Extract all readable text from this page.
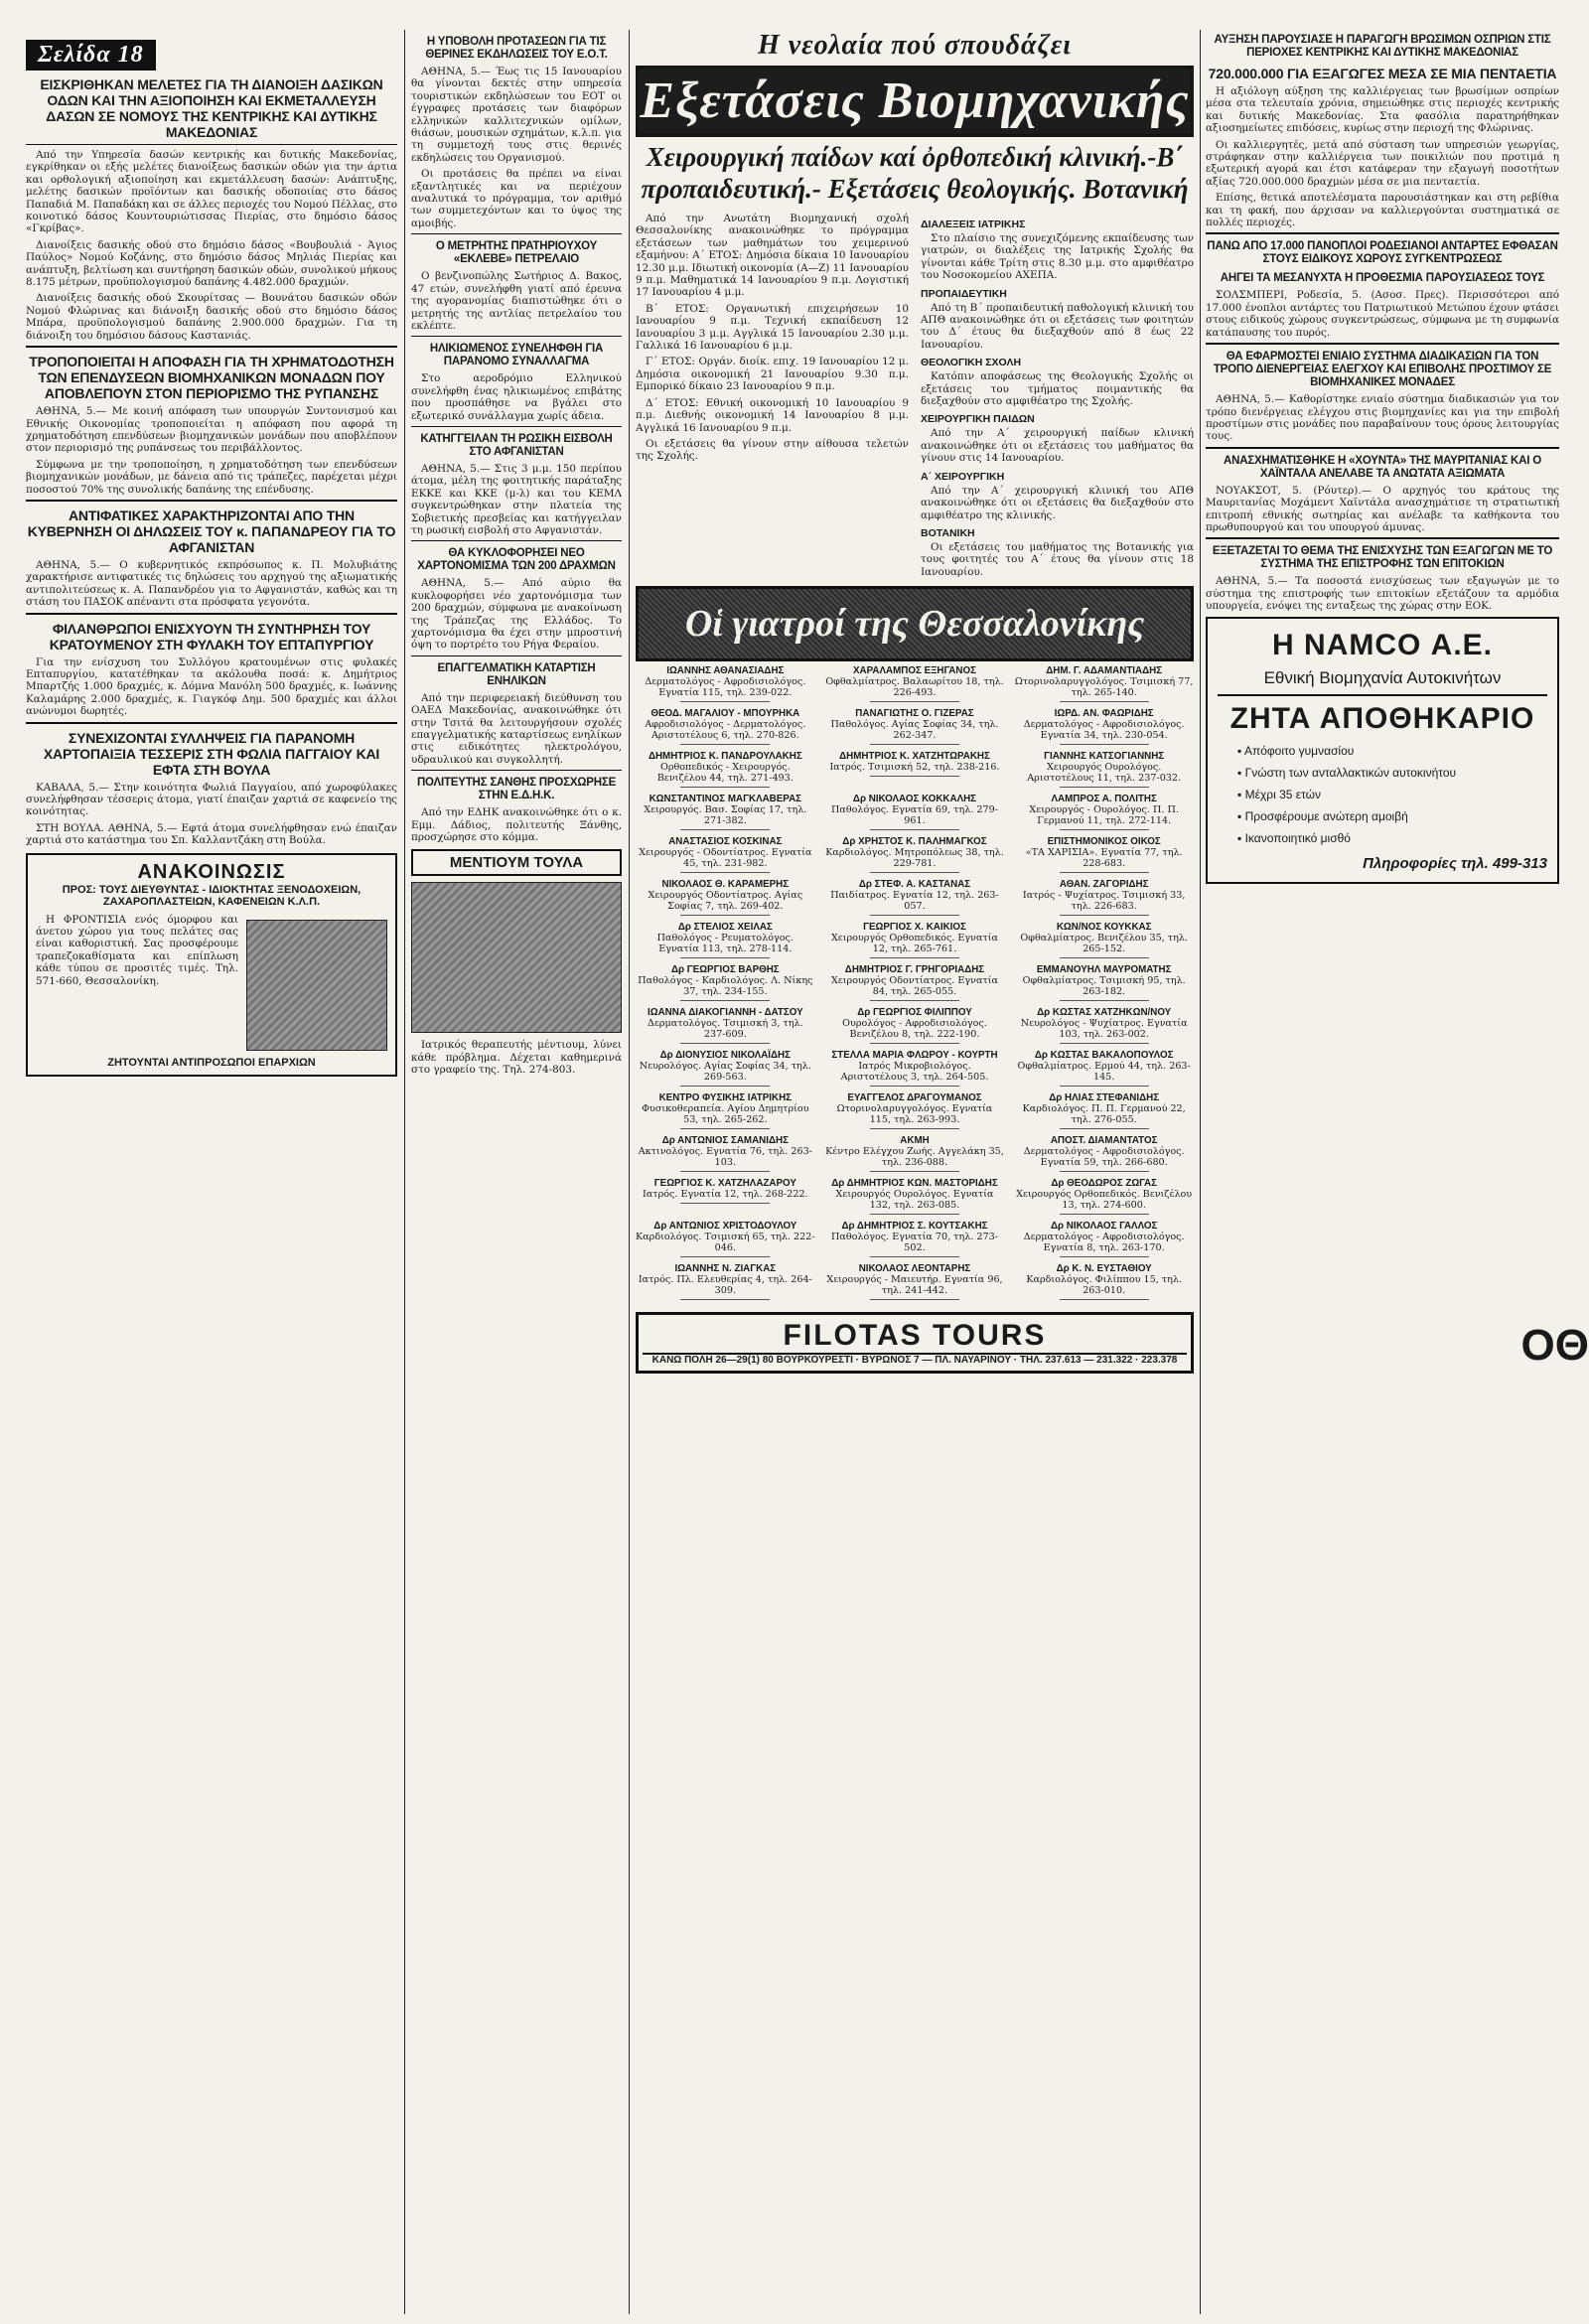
Σελίδα 18
ΕΙΣΚΡΙΘΗΚΑΝ ΜΕΛΕΤΕΣ ΓΙΑ ΤΗ ΔΙΑΝΟΙΞΗ ΔΑΣΙΚΩΝ ΟΔΩΝ ΚΑΙ ΤΗΝ ΑΞΙΟΠΟΙΗΣΗ ΚΑΙ ΕΚΜΕΤΑΛΛΕΥΣΗ ΔΑΣΩΝ ΣΕ ΝΟΜΟΥΣ ΤΗΣ ΚΕΝΤΡΙΚΗΣ ΚΑΙ ΔΥΤΙΚΗΣ ΜΑΚΕΔΟΝΙΑΣ

Από την Υπηρεσία δασών κεντρικής και δυτικής Μακεδονίας, εγκρίθηκαν οι εξής μελέτες διανοίξεως δασικών οδών για την άρτια και ορθολογική αξιοποίηση και εκμετάλλευση δασών: Ανάπτυξης, μελέτης δασικών προϊόντων και δασικής οδοποιίας στο δάσος Παπαδιά Μ. Παπαδάκη και σε άλλες περιοχές του Νομού Πέλλας, στο κοινοτικό δάσος Κουντουριώτισσας Πιερίας, στο δημόσιο δάσος «Γκρίβας».

Διανοίξεις δασικής οδού στο δημόσιο δάσος «Βουβουλιά - Άγιος Παύλος» Νομού Κοζάνης, στο δημόσιο δάσος Μηλιάς Πιερίας και ανάπτυξη, βελτίωση και συντήρηση δασικών οδών, συνολικού μήκους 8.175 μέτρων, προϋπολογισμού δαπάνης 4.482.000 δραχμών.

Διανοίξεις δασικής οδού Σκουρίτσας — Βουνάτου δασικών οδών Νομού Φλώρινας και διάνοιξη δασικής οδού στο δημόσιο δάσος Μπάρα, προϋπολογισμού δαπάνης 2.900.000 δραχμών. Για τη διάνοιξη του δημόσιου δάσους Καστανιάς.

ΤΡΟΠΟΠΟΙΕΙΤΑΙ Η ΑΠΟΦΑΣΗ ΓΙΑ ΤΗ ΧΡΗΜΑΤΟΔΟΤΗΣΗ ΤΩΝ ΕΠΕΝΔΥΣΕΩΝ ΒΙΟΜΗΧΑΝΙΚΩΝ ΜΟΝΑΔΩΝ ΠΟΥ ΑΠΟΒΛΕΠΟΥΝ ΣΤΟΝ ΠΕΡΙΟΡΙΣΜΟ ΤΗΣ ΡΥΠΑΝΣΗΣ

ΑΘΗΝΑ, 5.— Με κοινή απόφαση των υπουργών Συντονισμού και Εθνικής Οικονομίας τροποποιείται η απόφαση που αφορά τη χρηματοδότηση επενδύσεων βιομηχανικών μονάδων που αποβλέπουν στον περιορισμό της ρυπάνσεως του περιβάλλοντος.

Σύμφωνα με την τροποποίηση, η χρηματοδότηση των επενδύσεων βιομηχανικών μονάδων, με δάνεια από τις τράπεζες, παρέχεται μέχρι ποσοστού 70% της συνολικής δαπάνης της επένδυσης.

ΑΝΤΙΦΑΤΙΚΕΣ ΧΑΡΑΚΤΗΡΙΖΟΝΤΑΙ ΑΠΟ ΤΗΝ ΚΥΒΕΡΝΗΣΗ ΟΙ ΔΗΛΩΣΕΙΣ ΤΟΥ κ. ΠΑΠΑΝΔΡΕΟΥ ΓΙΑ ΤΟ ΑΦΓΑΝΙΣΤΑΝ

ΑΘΗΝΑ, 5.— Ο κυβερνητικός εκπρόσωπος κ. Π. Μολυβιάτης χαρακτήρισε αντιφατικές τις δηλώσεις του αρχηγού της αξιωματικής αντιπολιτεύσεως κ. Α. Παπανδρέου για το Αφγανιστάν, καθώς και τη στάση του ΠΑΣΟΚ απέναντι στα πρόσφατα γεγονότα.

ΦΙΛΑΝΘΡΩΠΟΙ ΕΝΙΣΧΥΟΥΝ ΤΗ ΣΥΝΤΗΡΗΣΗ ΤΟΥ ΚΡΑΤΟΥΜΕΝΟΥ ΣΤΗ ΦΥΛΑΚΗ ΤΟΥ ΕΠΤΑΠΥΡΓΙΟΥ

Για την ενίσχυση του Συλλόγου κρατουμένων στις φυλακές Επταπυργίου, κατατέθηκαν τα ακόλουθα ποσά: κ. Δημήτριος Μπαρτζής 1.000 δραχμές, κ. Δόμνα Μανόλη 500 δραχμές, κ. Ιωάννης Καλαμάρης 2.000 δραχμές, κ. Γιαγκόφ Δημ. 500 δραχμές και άλλοι ανώνυμοι δωρητές.

ΣΥΝΕΧΙΖΟΝΤΑΙ ΣΥΛΛΗΨΕΙΣ ΓΙΑ ΠΑΡΑΝΟΜΗ ΧΑΡΤΟΠΑΙΞΙΑ ΤΕΣΣΕΡΙΣ ΣΤΗ ΦΩΛΙΑ ΠΑΓΓΑΙΟΥ ΚΑΙ ΕΦΤΑ ΣΤΗ ΒΟΥΛΑ

ΚΑΒΑΛΑ, 5.— Στην κοινότητα Φωλιά Παγγαίου, από χωροφύλακες συνελήφθησαν τέσσερις άτομα, γιατί έπαιζαν χαρτιά σε καφενείο της κοινότητας.

ΣΤΗ ΒΟΥΛΑ. ΑΘΗΝΑ, 5.— Εφτά άτομα συνελήφθησαν ενώ έπαιζαν χαρτιά στο κατάστημα του Σπ. Καλλαντζάκη στη Βούλα.

ΑΝΑΚΟΙΝΩΣΙΣ
ΠΡΟΣ: ΤΟΥΣ ΔΙΕΥΘΥΝΤΑΣ - ΙΔΙΟΚΤΗΤΑΣ ΞΕΝΟΔΟΧΕΙΩΝ, ΖΑΧΑΡΟΠΛΑΣΤΕΙΩΝ, ΚΑΦΕΝΕΙΩΝ Κ.Λ.Π.

Η ΦΡΟΝΤΙΣΙΑ ενός όμορφου και άνετου χώρου για τους πελάτες σας είναι καθοριστική. Σας προσφέρουμε τραπεζοκαθίσματα και επίπλωση κάθε τύπου σε προσιτές τιμές. Τηλ. 571-660, Θεσσαλονίκη.

ΖΗΤΟΥΝΤΑΙ ΑΝΤΙΠΡΟΣΩΠΟΙ ΕΠΑΡΧΙΩΝ
Η ΥΠΟΒΟΛΗ ΠΡΟΤΑΣΕΩΝ ΓΙΑ ΤΙΣ ΘΕΡΙΝΕΣ ΕΚΔΗΛΩΣΕΙΣ ΤΟΥ Ε.Ο.Τ.

ΑΘΗΝΑ, 5.— Έως τις 15 Ιανουαρίου θα γίνονται δεκτές στην υπηρεσία τουριστικών εκδηλώσεων του ΕΟΤ οι έγγραφες προτάσεις των διαφόρων ελληνικών καλλιτεχνικών ομίλων, θιάσων, μουσικών σχημάτων, κ.λ.π. για τη συμμετοχή τους στις θερινές εκδηλώσεις του Οργανισμού.

Οι προτάσεις θα πρέπει να είναι εξαντλητικές και να περιέχουν αναλυτικά το πρόγραμμα, τον αριθμό των συμμετεχόντων και το ύψος της αμοιβής.

Ο ΜΕΤΡΗΤΗΣ ΠΡΑΤΗΡΙΟΥΧΟΥ «ΕΚΛΕΒΕ» ΠΕΤΡΕΛΑΙΟ

Ο βενζινοπώλης Σωτήριος Δ. Βακος, 47 ετών, συνελήφθη γιατί από έρευνα της αγορανομίας διαπιστώθηκε ότι ο μετρητής της αντλίας πετρελαίου του εκλέπτε.

ΗΛΙΚΙΩΜΕΝΟΣ ΣΥΝΕΛΗΦΘΗ ΓΙΑ ΠΑΡΑΝΟΜΟ ΣΥΝΑΛΛΑΓΜΑ

Στο αεροδρόμιο Ελληνικού συνελήφθη ένας ηλικιωμένος επιβάτης που προσπάθησε να βγάλει στο εξωτερικό συνάλλαγμα χωρίς άδεια.

ΚΑΤΗΓΓΕΙΛΑΝ ΤΗ ΡΩΣΙΚΗ ΕΙΣΒΟΛΗ ΣΤΟ ΑΦΓΑΝΙΣΤΑΝ

ΑΘΗΝΑ, 5.— Στις 3 μ.μ. 150 περίπου άτομα, μέλη της φοιτητικής παράταξης ΕΚΚΕ και ΚΚΕ (μ-λ) και του ΚΕΜΛ συγκεντρώθηκαν στην πλατεία της Σοβιετικής πρεσβείας και κατήγγειλαν τη ρωσική εισβολή στο Αφγανιστάν.

ΘΑ ΚΥΚΛΟΦΟΡΗΣΕΙ ΝΕΟ ΧΑΡΤΟΝΟΜΙΣΜΑ ΤΩΝ 200 ΔΡΑΧΜΩΝ

ΑΘΗΝΑ, 5.— Από αύριο θα κυκλοφορήσει νέο χαρτονόμισμα των 200 δραχμών, σύμφωνα με ανακοίνωση της Τράπεζας της Ελλάδος. Το χαρτονόμισμα θα έχει στην μπροστινή όψη το πορτρέτο του Ρήγα Φεραίου.

ΕΠΑΓΓΕΛΜΑΤΙΚΗ ΚΑΤΑΡΤΙΣΗ ΕΝΗΛΙΚΩΝ

Από την περιφερειακή διεύθυνση του ΟΑΕΔ Μακεδονίας, ανακοινώθηκε ότι στην Τσιτά θα λειτουργήσουν σχολές επαγγελματικής καταρτίσεως ενηλίκων στις ειδικότητες ηλεκτρολόγου, υδραυλικού και συγκολλητή.

ΠΟΛΙΤΕΥΤΗΣ ΣΑΝΘΗΣ ΠΡΟΣΧΩΡΗΣΕ ΣΤΗΝ Ε.Δ.Η.Κ.

Από την ΕΔΗΚ ανακοινώθηκε ότι ο κ. Εμμ. Δάδιος, πολιτευτής Ξάνθης, προσχώρησε στο κόμμα.

ΜΕΝΤΙΟΥΜ ΤΟΥΛΑ

Ιατρικός θεραπευτής μέντιουμ, λύνει κάθε πρόβλημα. Δέχεται καθημερινά στο γραφείο της. Τηλ. 274-803.

Η νεολαία πού σπουδάζει
Εξετάσεις Βιομηχανικής
Χειρουργική παίδων καί ὀρθοπεδική κλινική.-Β΄ προπαιδευτική.- Εξετάσεις θεολογικής. Βοτανική

Από την Ανωτάτη Βιομηχανική σχολή Θεσσαλονίκης ανακοινώθηκε το πρόγραμμα εξετάσεων των μαθημάτων του χειμερινού εξαμήνου: Α΄ ΕΤΟΣ: Δημόσια δίκαια 10 Ιανουαρίου 12.30 μ.μ. Ιδιωτική οικονομία (Α—Ζ) 11 Ιανουαρίου 9 π.μ. Μαθηματικά 14 Ιανουαρίου 9 π.μ. Λογιστική 17 Ιανουαρίου 4 μ.μ.

Β΄ ΕΤΟΣ: Οργανωτική επιχειρήσεων 10 Ιανουαρίου 9 π.μ. Τεχνική εκπαίδευση 12 Ιανουαρίου 3 μ.μ. Αγγλικά 15 Ιανουαρίου 2.30 μ.μ. Γαλλικά 16 Ιανουαρίου 6 μ.μ.

Γ΄ ΕΤΟΣ: Οργάν. διοίκ. επιχ. 19 Ιανουαρίου 12 μ. Δημόσια οικονομική 21 Ιανουαρίου 9.30 π.μ. Εμπορικό δίκαιο 23 Ιανουαρίου 9 π.μ.

Δ΄ ΕΤΟΣ: Εθνική οικονομική 10 Ιανουαρίου 9 π.μ. Διεθνής οικονομική 14 Ιανουαρίου 8 μ.μ. Αγγλικά 16 Ιανουαρίου 9 π.μ.

Οι εξετάσεις θα γίνουν στην αίθουσα τελετών της Σχολής.

ΔΙΑΛΕΞΕΙΣ ΙΑΤΡΙΚΗΣ

Στο πλαίσιο της συνεχιζόμενης εκπαίδευσης των γιατρών, οι διαλέξεις της Ιατρικής Σχολής θα γίνονται κάθε Τρίτη στις 8.30 μ.μ. στο αμφιθέατρο του Νοσοκομείου ΑΧΕΠΑ.

ΠΡΟΠΑΙΔΕΥΤΙΚΗ

Από τη Β΄ προπαιδευτική παθολογική κλινική του ΑΠΘ ανακοινώθηκε ότι οι εξετάσεις των φοιτητών του Δ΄ έτους θα διεξαχθούν από 8 έως 22 Ιανουαρίου.

ΘΕΟΛΟΓΙΚΗ ΣΧΟΛΗ

Κατόπιν αποφάσεως της Θεολογικής Σχολής οι εξετάσεις του τμήματος ποιμαντικής θα διεξαχθούν στο αμφιθέατρο της Σχολής.

ΧΕΙΡΟΥΡΓΙΚΗ ΠΑΙΔΩΝ

Από την Α΄ χειρουργική παίδων κλινική ανακοινώθηκε ότι οι εξετάσεις του μαθήματος θα γίνουν στις 14 Ιανουαρίου.

Α΄ ΧΕΙΡΟΥΡΓΙΚΗ

Από την Α΄ χειρουργική κλινική του ΑΠΘ ανακοινώθηκε ότι οι εξετάσεις θα διεξαχθούν στο αμφιθέατρο της κλινικής.

ΒΟΤΑΝΙΚΗ

Οι εξετάσεις του μαθήματος της Βοτανικής για τους φοιτητές του Α΄ έτους θα γίνουν στις 18 Ιανουαρίου.

Οἱ γιατροί της Θεσσαλονίκης
ΙΩΑΝΝΗΣ ΑΘΑΝΑΣΙΑΔΗΣ
Δερματολόγος - Αφροδισιολόγος. Εγνατία 115, τηλ. 239-022.
ΧΑΡΑΛΑΜΠΟΣ ΕΞΗΓΑΝΟΣ
Οφθαλμίατρος. Βαλαωρίτου 18, τηλ. 226-493.
ΔΗΜ. Γ. ΑΔΑΜΑΝΤΙΑΔΗΣ
Ωτορινολαρυγγολόγος. Τσιμισκή 77, τηλ. 265-140.
ΘΕΟΔ. ΜΑΓΑΛΙΟΥ - ΜΠΟΥΡΗΚΑ
Αφροδισιολόγος - Δερματολόγος. Αριστοτέλους 6, τηλ. 270-826.
ΠΑΝΑΓΙΩΤΗΣ Ο. ΓΙΖΕΡΑΣ
Παθολόγος. Αγίας Σοφίας 34, τηλ. 262-347.
ΙΩΡΔ. ΑΝ. ΦΑΩΡΙΔΗΣ
Δερματολόγος - Αφροδισιολόγος. Εγνατία 34, τηλ. 230-054.
ΔΗΜΗΤΡΙΟΣ Κ. ΠΑΝΔΡΟΥΛΑΚΗΣ
Ορθοπεδικός - Χειρουργός. Βενιζέλου 44, τηλ. 271-493.
ΔΗΜΗΤΡΙΟΣ Κ. ΧΑΤΖΗΤΩΡΑΚΗΣ
Ιατρός. Τσιμισκή 52, τηλ. 238-216.
ΓΙΑΝΝΗΣ ΚΑΤΣΟΓΙΑΝΝΗΣ
Χειρουργός Ουρολόγος. Αριστοτέλους 11, τηλ. 237-032.
ΚΩΝΣΤΑΝΤΙΝΟΣ ΜΑΓΚΛΑΒΕΡΑΣ
Χειρουργός. Βασ. Σοφίας 17, τηλ. 271-382.
Δρ ΝΙΚΟΛΑΟΣ ΚΟΚΚΑΛΗΣ
Παθολόγος. Εγνατία 69, τηλ. 279-961.
ΛΑΜΠΡΟΣ Α. ΠΟΛΙΤΗΣ
Χειρουργός - Ουρολόγος. Π. Π. Γερμανού 11, τηλ. 272-114.
ΑΝΑΣΤΑΣΙΟΣ ΚΟΣΚΙΝΑΣ
Χειρουργός - Οδοντίατρος. Εγνατία 45, τηλ. 231-982.
Δρ ΧΡΗΣΤΟΣ Κ. ΠΑΛΗΜΑΓΚΟΣ
Καρδιολόγος. Μητροπόλεως 38, τηλ. 229-781.
ΕΠΙΣΤΗΜΟΝΙΚΟΣ ΟΙΚΟΣ
«ΤΑ ΧΑΡΙΣΙΑ». Εγνατία 77, τηλ. 228-683.
ΝΙΚΟΛΑΟΣ Θ. ΚΑΡΑΜΕΡΗΣ
Χειρουργός Οδοντίατρος. Αγίας Σοφίας 7, τηλ. 269-402.
Δρ ΣΤΕΦ. Α. ΚΑΣΤΑΝΑΣ
Παιδίατρος. Εγνατία 12, τηλ. 263-057.
ΑΘΑΝ. ΖΑΓΟΡΙΔΗΣ
Ιατρός - Ψυχίατρος. Τσιμισκή 33, τηλ. 226-683.
Δρ ΣΤΕΛΙΟΣ ΧΕΙΛΑΣ
Παθολόγος - Ρευματολόγος. Εγνατία 113, τηλ. 278-114.
ΓΕΩΡΓΙΟΣ Χ. ΚΑΙΚΙΟΣ
Χειρουργός Ορθοπεδικός. Εγνατία 12, τηλ. 265-761.
ΚΩΝ/ΝΟΣ ΚΟΥΚΚΑΣ
Οφθαλμίατρος. Βενιζέλου 35, τηλ. 265-152.
Δρ ΓΕΩΡΓΙΟΣ ΒΑΡΘΗΣ
Παθολόγος - Καρδιολόγος. Λ. Νίκης 37, τηλ. 234-155.
ΔΗΜΗΤΡΙΟΣ Γ. ΓΡΗΓΟΡΙΑΔΗΣ
Χειρουργός Οδοντίατρος. Εγνατία 84, τηλ. 265-055.
ΕΜΜΑΝΟΥΗΛ ΜΑΥΡΟΜΑΤΗΣ
Οφθαλμίατρος. Τσιμισκή 95, τηλ. 263-182.
ΙΩΑΝΝΑ ΔΙΑΚΟΓΙΑΝΝΗ - ΔΑΤΣΟΥ
Δερματολόγος. Τσιμισκή 3, τηλ. 237-609.
Δρ ΓΕΩΡΓΙΟΣ ΦΙΛΙΠΠΟΥ
Ουρολόγος - Αφροδισιολόγος. Βενιζέλου 8, τηλ. 222-190.
Δρ ΚΩΣΤΑΣ ΧΑΤΖΗΚΩΝ/ΝΟΥ
Νευρολόγος - Ψυχίατρος. Εγνατία 103, τηλ. 263-002.
Δρ ΔΙΟΝΥΣΙΟΣ ΝΙΚΟΛΑΪΔΗΣ
Νευρολόγος. Αγίας Σοφίας 34, τηλ. 269-563.
ΣΤΕΛΛΑ ΜΑΡΙΑ ΦΛΩΡΟΥ - ΚΟΥΡΤΗ
Ιατρός Μικροβιολόγος. Αριστοτέλους 3, τηλ. 264-505.
Δρ ΚΩΣΤΑΣ ΒΑΚΑΛΟΠΟΥΛΟΣ
Οφθαλμίατρος. Ερμού 44, τηλ. 263-145.
ΚΕΝΤΡΟ ΦΥΣΙΚΗΣ ΙΑΤΡΙΚΗΣ
Φυσικοθεραπεία. Αγίου Δημητρίου 53, τηλ. 265-262.
ΕΥΑΓΓΕΛΟΣ ΔΡΑΓΟΥΜΑΝΟΣ
Ωτορινολαρυγγολόγος. Εγνατία 115, τηλ. 263-993.
Δρ ΗΛΙΑΣ ΣΤΕΦΑΝΙΔΗΣ
Καρδιολόγος. Π. Π. Γερμανού 22, τηλ. 276-055.
Δρ ΑΝΤΩΝΙΟΣ ΣΑΜΑΝΙΔΗΣ
Ακτινολόγος. Εγνατία 76, τηλ. 263-103.
ΑΚΜΗ
Κέντρο Ελέγχου Ζωής. Αγγελάκη 35, τηλ. 236-088.
ΑΠΟΣΤ. ΔΙΑΜΑΝΤΑΤΟΣ
Δερματολόγος - Αφροδισιολόγος. Εγνατία 59, τηλ. 266-680.
ΓΕΩΡΓΙΟΣ Κ. ΧΑΤΖΗΛΑΖΑΡΟΥ
Ιατρός. Εγνατία 12, τηλ. 268-222.
Δρ ΔΗΜΗΤΡΙΟΣ ΚΩΝ. ΜΑΣΤΟΡΙΔΗΣ
Χειρουργός Ουρολόγος. Εγνατία 132, τηλ. 263-085.
Δρ ΘΕΟΔΩΡΟΣ ΖΩΓΑΣ
Χειρουργός Ορθοπεδικός. Βενιζέλου 13, τηλ. 274-600.
Δρ ΑΝΤΩΝΙΟΣ ΧΡΙΣΤΟΔΟΥΛΟΥ
Καρδιολόγος. Τσιμισκή 65, τηλ. 222-046.
Δρ ΔΗΜΗΤΡΙΟΣ Σ. ΚΟΥΤΣΑΚΗΣ
Παθολόγος. Εγνατία 70, τηλ. 273-502.
Δρ ΝΙΚΟΛΑΟΣ ΓΑΛΛΟΣ
Δερματολόγος - Αφροδισιολόγος. Εγνατία 8, τηλ. 263-170.
ΙΩΑΝΝΗΣ Ν. ΖΙΑΓΚΑΣ
Ιατρός. Πλ. Ελευθερίας 4, τηλ. 264-309.
ΝΙΚΟΛΑΟΣ ΛΕΟΝΤΑΡΗΣ
Χειρουργός - Μαιευτήρ. Εγνατία 96, τηλ. 241-442.
Δρ Κ. Ν. ΕΥΣΤΑΘΙΟΥ
Καρδιολόγος. Φιλίππου 15, τηλ. 263-010.
FILOTAS TOURS
ΚΑΝΩ ΠΟΛΗ 26—29(1) 80 ΒΟΥΡΚΟΥΡΕΣΤΙ · ΒΥΡΩΝΟΣ 7 — ΠΛ. ΝΑΥΑΡΙΝΟΥ · ΤΗΛ. 237.613 — 231.322 · 223.378
ΑΥΞΗΣΗ ΠΑΡΟΥΣΙΑΣΕ Η ΠΑΡΑΓΩΓΗ ΒΡΩΣΙΜΩΝ ΟΣΠΡΙΩΝ ΣΤΙΣ ΠΕΡΙΟΧΕΣ ΚΕΝΤΡΙΚΗΣ ΚΑΙ ΔΥΤΙΚΗΣ ΜΑΚΕΔΟΝΙΑΣ
720.000.000 ΓΙΑ ΕΞΑΓΩΓΕΣ ΜΕΣΑ ΣΕ ΜΙΑ ΠΕΝΤΑΕΤΙΑ

Η αξιόλογη αύξηση της καλλιέργειας των βρωσίμων οσπρίων μέσα στα τελευταία χρόνια, σημειώθηκε στις περιοχές κεντρικής και δυτικής Μακεδονίας. Στα φασόλια παρατηρήθηκαν αξιοσημείωτες επιδόσεις, κυρίως στην περιοχή της Φλώρινας.

Οι καλλιεργητές, μετά από σύσταση των υπηρεσιών γεωργίας, στράφηκαν στην καλλιέργεια των ποικιλιών που προτιμά η εξωτερική αγορά και έτσι κατάφεραν την εξαγωγή ποσοτήτων αξίας 720.000.000 δραχμών μέσα σε μια πενταετία.

Επίσης, θετικά αποτελέσματα παρουσιάστηκαν και στη ρεβίθια και τη φακή, που άρχισαν να καλλιεργούνται συστηματικά σε πολλές περιοχές.

ΠΑΝΩ ΑΠΟ 17.000 ΠΑΝΟΠΛΟΙ ΡΟΔΕΣΙΑΝΟΙ ΑΝΤΑΡΤΕΣ ΕΦΘΑΣΑΝ ΣΤΟΥΣ ΕΙΔΙΚΟΥΣ ΧΩΡΟΥΣ ΣΥΓΚΕΝΤΡΩΣΕΩΣ
ΑΗΓΕΙ ΤΑ ΜΕΣΑΝΥΧΤΑ Η ΠΡΟΘΕΣΜΙΑ ΠΑΡΟΥΣΙΑΣΕΩΣ ΤΟΥΣ

ΣΟΛΣΜΠΕΡΙ, Ροδεσία, 5. (Ασοσ. Πρες). Περισσότεροι από 17.000 ένοπλοι αντάρτες του Πατριωτικού Μετώπου έχουν φτάσει στους ειδικούς χώρους συγκεντρώσεως, σύμφωνα με τη συμφωνία κατάπαυσης του πυρός.

ΘΑ ΕΦΑΡΜΟΣΤΕΙ ΕΝΙΑΙΟ ΣΥΣΤΗΜΑ ΔΙΑΔΙΚΑΣΙΩΝ ΓΙΑ ΤΟΝ ΤΡΟΠΟ ΔΙΕΝΕΡΓΕΙΑΣ ΕΛΕΓΧΟΥ ΚΑΙ ΕΠΙΒΟΛΗΣ ΠΡΟΣΤΙΜΟΥ ΣΕ ΒΙΟΜΗΧΑΝΙΚΕΣ ΜΟΝΑΔΕΣ

ΑΘΗΝΑ, 5.— Καθορίστηκε ενιαίο σύστημα διαδικασιών για τον τρόπο διενέργειας ελέγχου στις βιομηχανίες και για την επιβολή προστίμων στις μονάδες που παραβαίνουν τους όρους λειτουργίας τους.

ΑΝΑΣΧΗΜΑΤΙΣΘΗΚΕ Η «ΧΟΥΝΤΑ» ΤΗΣ ΜΑΥΡΙΤΑΝΙΑΣ ΚΑΙ Ο ΧΑΪΝΤΑΛΑ ΑΝΕΛΑΒΕ ΤΑ ΑΝΩΤΑΤΑ ΑΞΙΩΜΑΤΑ

ΝΟΥΑΚΣΟΤ, 5. (Ρόυτερ).— Ο αρχηγός του κράτους της Μαυριτανίας Μοχάμεντ Χαϊντάλα ανασχημάτισε τη στρατιωτική επιτροπή εθνικής σωτηρίας και ανέλαβε τα καθήκοντα του πρωθυπουργού και του υπουργού άμυνας.

ΕΞΕΤΑΖΕΤΑΙ ΤΟ ΘΕΜΑ ΤΗΣ ΕΝΙΣΧΥΣΗΣ ΤΩΝ ΕΞΑΓΩΓΩΝ ΜΕ ΤΟ ΣΥΣΤΗΜΑ ΤΗΣ ΕΠΙΣΤΡΟΦΗΣ ΤΩΝ ΕΠΙΤΟΚΙΩΝ

ΑΘΗΝΑ, 5.— Τα ποσοστά ενισχύσεως των εξαγωγών με το σύστημα της επιστροφής των επιτοκίων εξετάζουν τα αρμόδια υπουργεία, ενόψει της ενταξεως της χώρας στην ΕΟΚ.

Η NAMCO Α.Ε.
Εθνική Βιομηχανία Αυτοκινήτων
ΖΗΤΑ ΑΠΟΘΗΚΑΡΙΟ
▪ Απόφοιτο γυμνασίου
▪ Γνώστη των ανταλλακτικών αυτοκινήτου
▪ Μέχρι 35 ετών
▪ Προσφέρουμε ανώτερη αμοιβή
▪ Ικανοποιητικό μισθό
Πληροφορίες τηλ. 499-313
ΟΘ
